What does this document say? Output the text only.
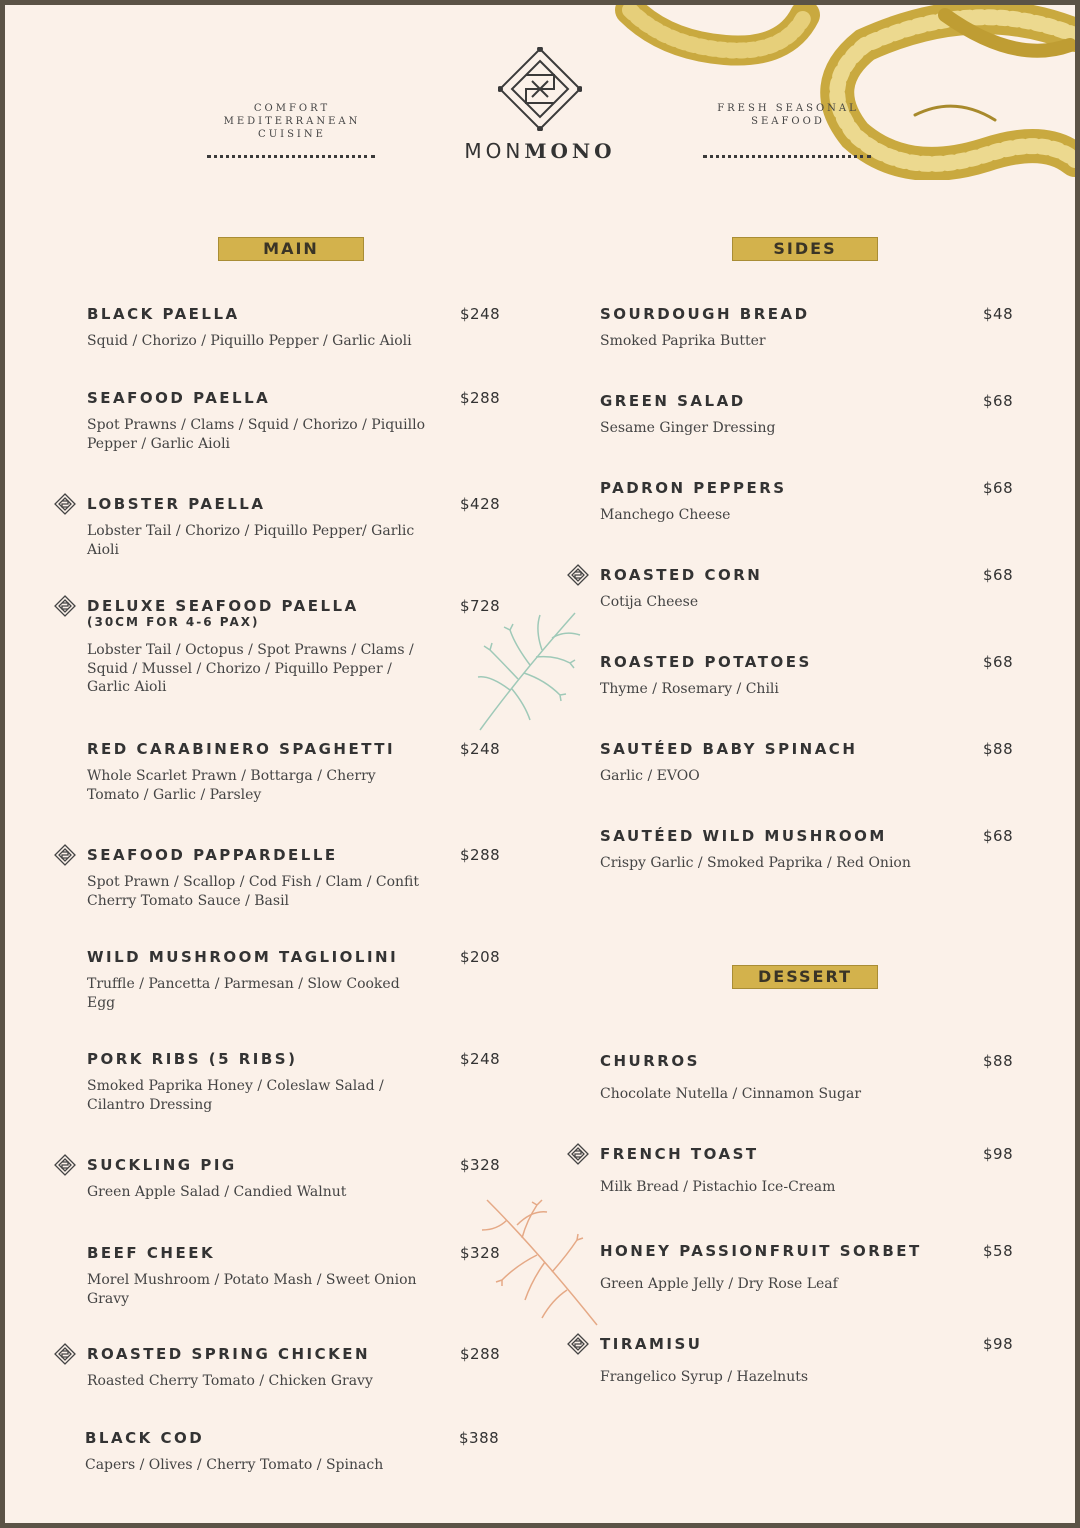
COMFORT MEDITERRANEAN CUISINE
FRESH SEASONAL SEAFOOD
MONMONO
MAIN	SIDES
DESSERT
BLACK PAELLA
Squid / Chorizo / Piquillo Pepper / Garlic Aioli
$248
SEAFOOD PAELLA
Spot Prawns / Clams / Squid / Chorizo / Piquillo Pepper / Garlic Aioli
$288
LOBSTER PAELLA
Lobster Tail / Chorizo / Piquillo Pepper/ Garlic Aioli
$428
DELUXE SEAFOOD PAELLA
(30CM FOR 4-6 PAX)
Lobster Tail / Octopus / Spot Prawns / Clams / Squid / Mussel / Chorizo / Piquillo Pepper / Garlic Aioli
$728
RED CARABINERO SPAGHETTI
Whole Scarlet Prawn / Bottarga / Cherry Tomato / Garlic / Parsley
$248
SEAFOOD PAPPARDELLE
Spot Prawn / Scallop / Cod Fish / Clam / Confit Cherry Tomato Sauce / Basil
$288
WILD MUSHROOM TAGLIOLINI
Truffle / Pancetta / Parmesan / Slow Cooked Egg
$208
PORK RIBS (5 RIBS)
Smoked Paprika Honey / Coleslaw Salad / Cilantro Dressing
$248
SUCKLING PIG
Green Apple Salad / Candied Walnut
$328
BEEF CHEEK
Morel Mushroom / Potato Mash / Sweet Onion Gravy
$328
ROASTED SPRING CHICKEN
Roasted Cherry Tomato / Chicken Gravy
$288
BLACK COD
Capers / Olives / Cherry Tomato / Spinach
$388
SOURDOUGH BREAD
Smoked Paprika Butter
$48
GREEN SALAD
Sesame Ginger Dressing
$68
PADRON PEPPERS
Manchego Cheese
$68
ROASTED CORN
Cotija Cheese
$68
ROASTED POTATOES
Thyme / Rosemary / Chili
$68
SAUTÉED BABY SPINACH
Garlic / EVOO
$88
SAUTÉED WILD MUSHROOM
Crispy Garlic / Smoked Paprika / Red Onion
$68
CHURROS
Chocolate Nutella / Cinnamon Sugar
$88
FRENCH TOAST
Milk Bread / Pistachio Ice-Cream
$98
HONEY PASSIONFRUIT SORBET
Green Apple Jelly / Dry Rose Leaf
$58
TIRAMISU
Frangelico Syrup / Hazelnuts
$98
